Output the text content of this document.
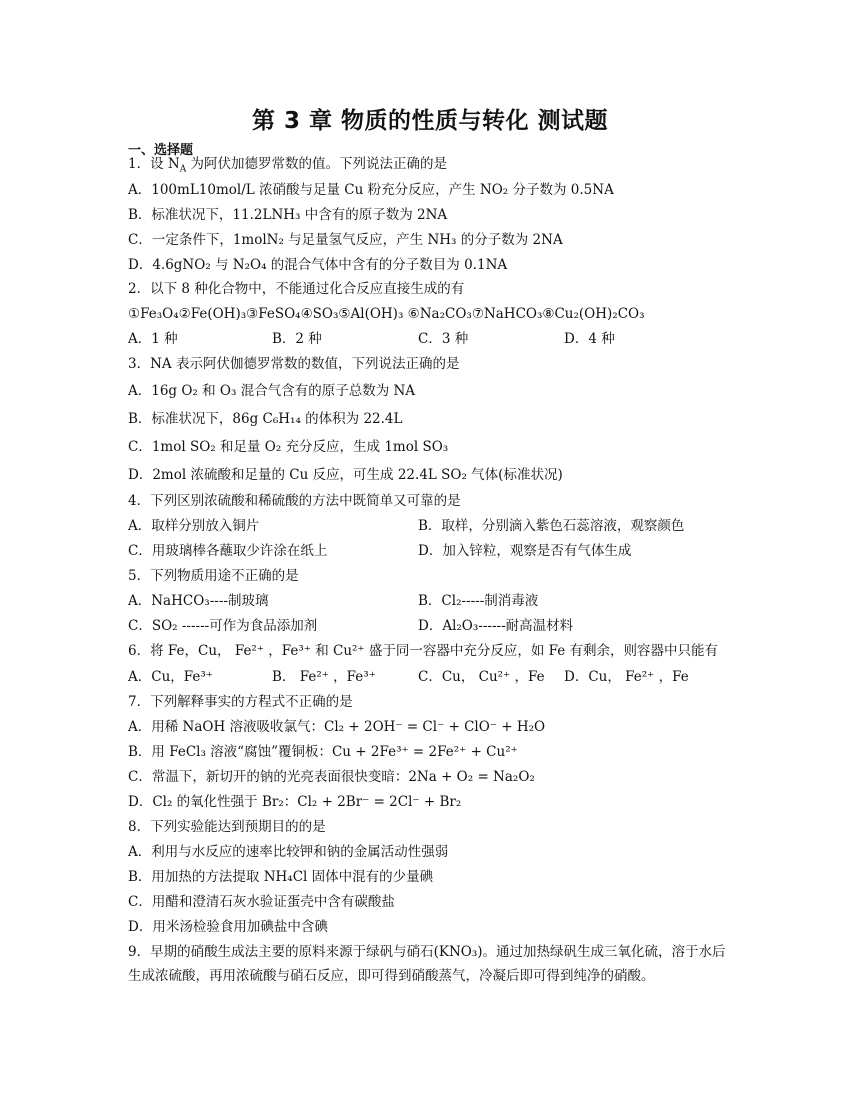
第 3 章 物质的性质与转化 测试题
一、选择题
1．设 $N_A$ 为阿伏加德罗常数的值。下列说法正确的是
A．100mL10mol/L 浓硝酸与足量 Cu 粉充分反应，产生 NO₂ 分子数为 0.5NA
B．标准状况下，11.2LNH₃ 中含有的原子数为 2NA
C．一定条件下，1molN₂ 与足量氢气反应，产生 NH₃ 的分子数为 2NA
D．4.6gNO₂ 与 N₂O₄ 的混合气体中含有的分子数目为 0.1NA
2．以下 8 种化合物中，不能通过化合反应直接生成的有
①Fe₃O₄②Fe(OH)₃③FeSO₄④SO₃⑤Al(OH)₃ ⑥Na₂CO₃⑦NaHCO₃⑧Cu₂(OH)₂CO₃
A．1 种	B．2 种	C．3 种	D．4 种
3．NA 表示阿伏伽德罗常数的数值，下列说法正确的是
A．16g O₂ 和 O₃ 混合气含有的原子总数为 NA
B．标准状况下，86g C₆H₁₄ 的体积为 22.4L
C．1mol SO₂ 和足量 O₂ 充分反应，生成 1mol SO₃
D．2mol 浓硫酸和足量的 Cu 反应，可生成 22.4L SO₂ 气体(标准状况)
4．下列区别浓硫酸和稀硫酸的方法中既简单又可靠的是
A．取样分别放入铜片	B．取样，分别滴入紫色石蕊溶液，观察颜色
C．用玻璃棒各蘸取少许涂在纸上	D．加入锌粒，观察是否有气体生成
5．下列物质用途不正确的是
A．NaHCO₃----制玻璃	B．Cl₂-----制消毒液
C．SO₂ ------可作为食品添加剂	D．Al₂O₃------耐高温材料
6．将 Fe，Cu， Fe²⁺ ，Fe³⁺ 和 Cu²⁺ 盛于同一容器中充分反应，如 Fe 有剩余，则容器中只能有
A．Cu，Fe³⁺	B． Fe²⁺ ，Fe³⁺	C．Cu， Cu²⁺ ，Fe D．Cu， Fe²⁺ ，Fe
7．下列解释事实的方程式不正确的是
A．用稀 NaOH 溶液吸收氯气：Cl₂ + 2OH⁻ = Cl⁻ + ClO⁻ + H₂O
B．用 FeCl₃ 溶液“腐蚀”覆铜板：Cu + 2Fe³⁺ = 2Fe²⁺ + Cu²⁺
C．常温下，新切开的钠的光亮表面很快变暗：2Na + O₂ = Na₂O₂
D．Cl₂ 的氧化性强于 Br₂：Cl₂ + 2Br⁻ = 2Cl⁻ + Br₂
8．下列实验能达到预期目的的是
A．利用与水反应的速率比较钾和钠的金属活动性强弱
B．用加热的方法提取 NH₄Cl 固体中混有的少量碘
C．用醋和澄清石灰水验证蛋壳中含有碳酸盐
D．用米汤检验食用加碘盐中含碘
9．早期的硝酸生成法主要的原料来源于绿矾与硝石(KNO₃)。通过加热绿矾生成三氧化硫，溶于水后生成浓硫酸，再用浓硫酸与硝石反应，即可得到硝酸蒸气，冷凝后即可得到纯净的硝酸。
